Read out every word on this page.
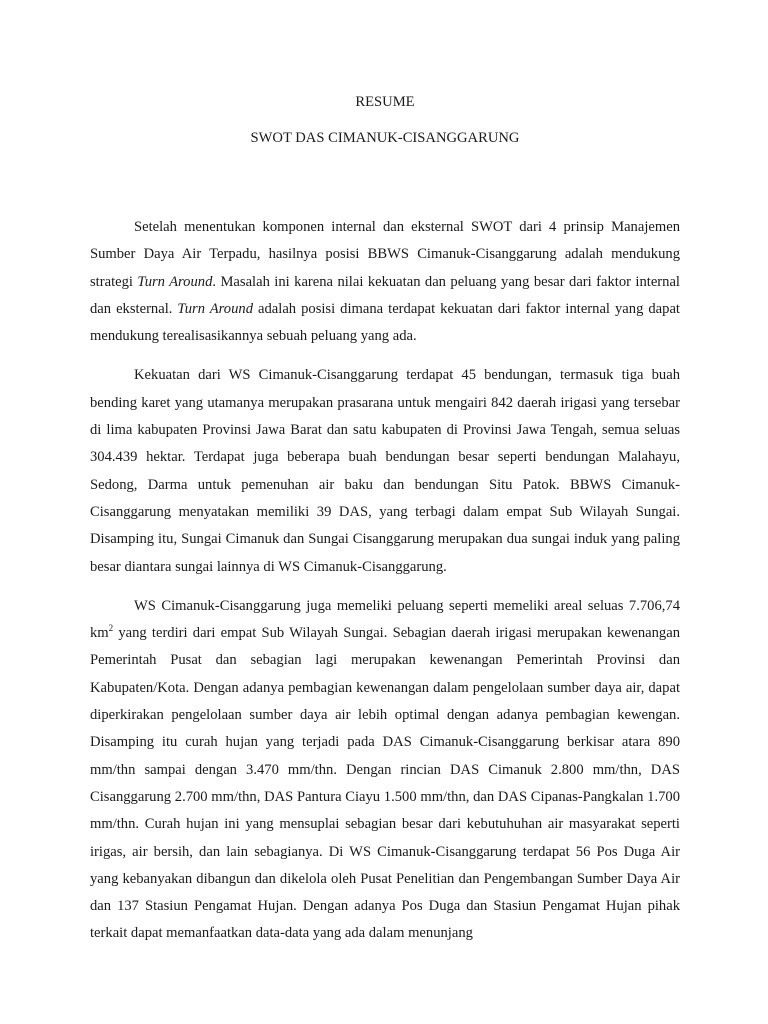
RESUME
SWOT DAS CIMANUK-CISANGGARUNG

Setelah menentukan komponen internal dan eksternal SWOT dari 4 prinsip Manajemen Sumber Daya Air Terpadu, hasilnya posisi BBWS Cimanuk-Cisanggarung adalah mendukung strategi Turn Around. Masalah ini karena nilai kekuatan dan peluang yang besar dari faktor internal dan eksternal. Turn Around adalah posisi dimana terdapat kekuatan dari faktor internal yang dapat mendukung terealisasikannya sebuah peluang yang ada.

Kekuatan dari WS Cimanuk-Cisanggarung terdapat 45 bendungan, termasuk tiga buah bending karet yang utamanya merupakan prasarana untuk mengairi 842 daerah irigasi yang tersebar di lima kabupaten Provinsi Jawa Barat dan satu kabupaten di Provinsi Jawa Tengah, semua seluas 304.439 hektar. Terdapat juga beberapa buah bendungan besar seperti bendungan Malahayu, Sedong, Darma untuk pemenuhan air baku dan bendungan Situ Patok. BBWS Cimanuk-Cisanggarung menyatakan memiliki 39 DAS, yang terbagi dalam empat Sub Wilayah Sungai. Disamping itu, Sungai Cimanuk dan Sungai Cisanggarung merupakan dua sungai induk yang paling besar diantara sungai lainnya di WS Cimanuk-Cisanggarung.

WS Cimanuk-Cisanggarung juga memeliki peluang seperti memeliki areal seluas 7.706,74 $km^2$ yang terdiri dari empat Sub Wilayah Sungai. Sebagian daerah irigasi merupakan kewenangan Pemerintah Pusat dan sebagian lagi merupakan kewenangan Pemerintah Provinsi dan Kabupaten/Kota. Dengan adanya pembagian kewenangan dalam pengelolaan sumber daya air, dapat diperkirakan pengelolaan sumber daya air lebih optimal dengan adanya pembagian kewengan. Disamping itu curah hujan yang terjadi pada DAS Cimanuk-Cisanggarung berkisar atara 890 mm/thn sampai dengan 3.470 mm/thn. Dengan rincian DAS Cimanuk 2.800 mm/thn, DAS Cisanggarung 2.700 mm/thn, DAS Pantura Ciayu 1.500 mm/thn, dan DAS Cipanas-Pangkalan 1.700 mm/thn. Curah hujan ini yang mensuplai sebagian besar dari kebutuhuhan air masyarakat seperti irigas, air bersih, dan lain sebagianya. Di WS Cimanuk-Cisanggarung terdapat 56 Pos Duga Air yang kebanyakan dibangun dan dikelola oleh Pusat Penelitian dan Pengembangan Sumber Daya Air dan 137 Stasiun Pengamat Hujan. Dengan adanya Pos Duga dan Stasiun Pengamat Hujan pihak terkait dapat memanfaatkan data-data yang ada dalam menunjang
